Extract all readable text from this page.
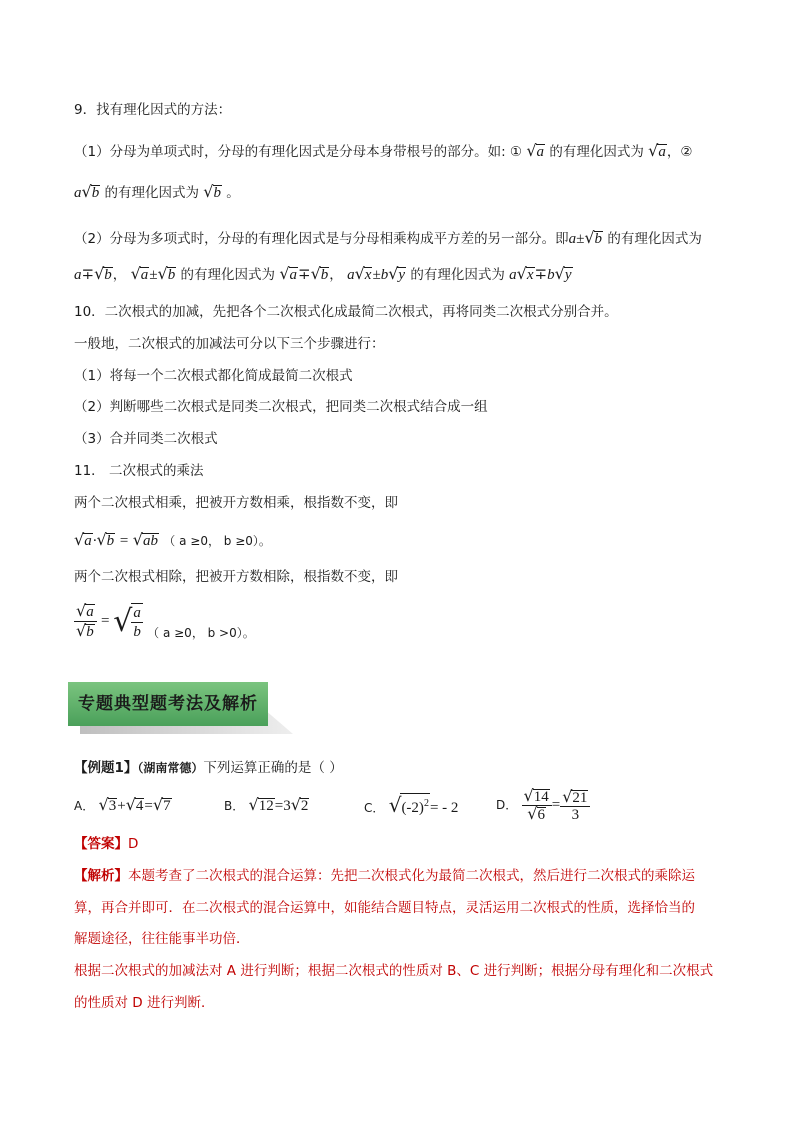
9．找有理化因式的方法：
（1）分母为单项式时，分母的有理化因式是分母本身带根号的部分。如: ① √a 的有理化因式为 √a，②
a√b 的有理化因式为 √b 。
（2）分母为多项式时，分母的有理化因式是与分母相乘构成平方差的另一部分。即a±√b 的有理化因式为
a∓√b， √a±√b 的有理化因式为 √a∓√b， a√x±b√y 的有理化因式为 a√x∓b√y
10．二次根式的加减，先把各个二次根式化成最简二次根式，再将同类二次根式分别合并。
一般地，二次根式的加减法可分以下三个步骤进行：
（1）将每一个二次根式都化简成最简二次根式
（2）判断哪些二次根式是同类二次根式，把同类二次根式结合成一组
（3）合并同类二次根式
11． 二次根式的乘法
两个二次根式相乘，把被开方数相乘，根指数不变，即
√a·√b = √ab （ a ≥0， b ≥0）。
两个二次根式相除，把被开方数相除，根指数不变，即
$\frac{√a}{√b}$ = √ $\frac{a}{b}$ （ a ≥0， b >0）。
专题典型题考法及解析
【例题1】（湖南常德）下列运算正确的是（ ）
A． √3+√4=√7	B． √12=3√2	C． $√(-2)^2= - 2$	D． $\frac{√14}{√6} = \frac{√21}{3}$
【答案】D
【解析】本题考查了二次根式的混合运算：先把二次根式化为最简二次根式，然后进行二次根式的乘除运
算，再合并即可．在二次根式的混合运算中，如能结合题目特点，灵活运用二次根式的性质，选择恰当的
解题途径，往往能事半功倍．
根据二次根式的加减法对 A 进行判断；根据二次根式的性质对 B、C 进行判断；根据分母有理化和二次根式
的性质对 D 进行判断．
